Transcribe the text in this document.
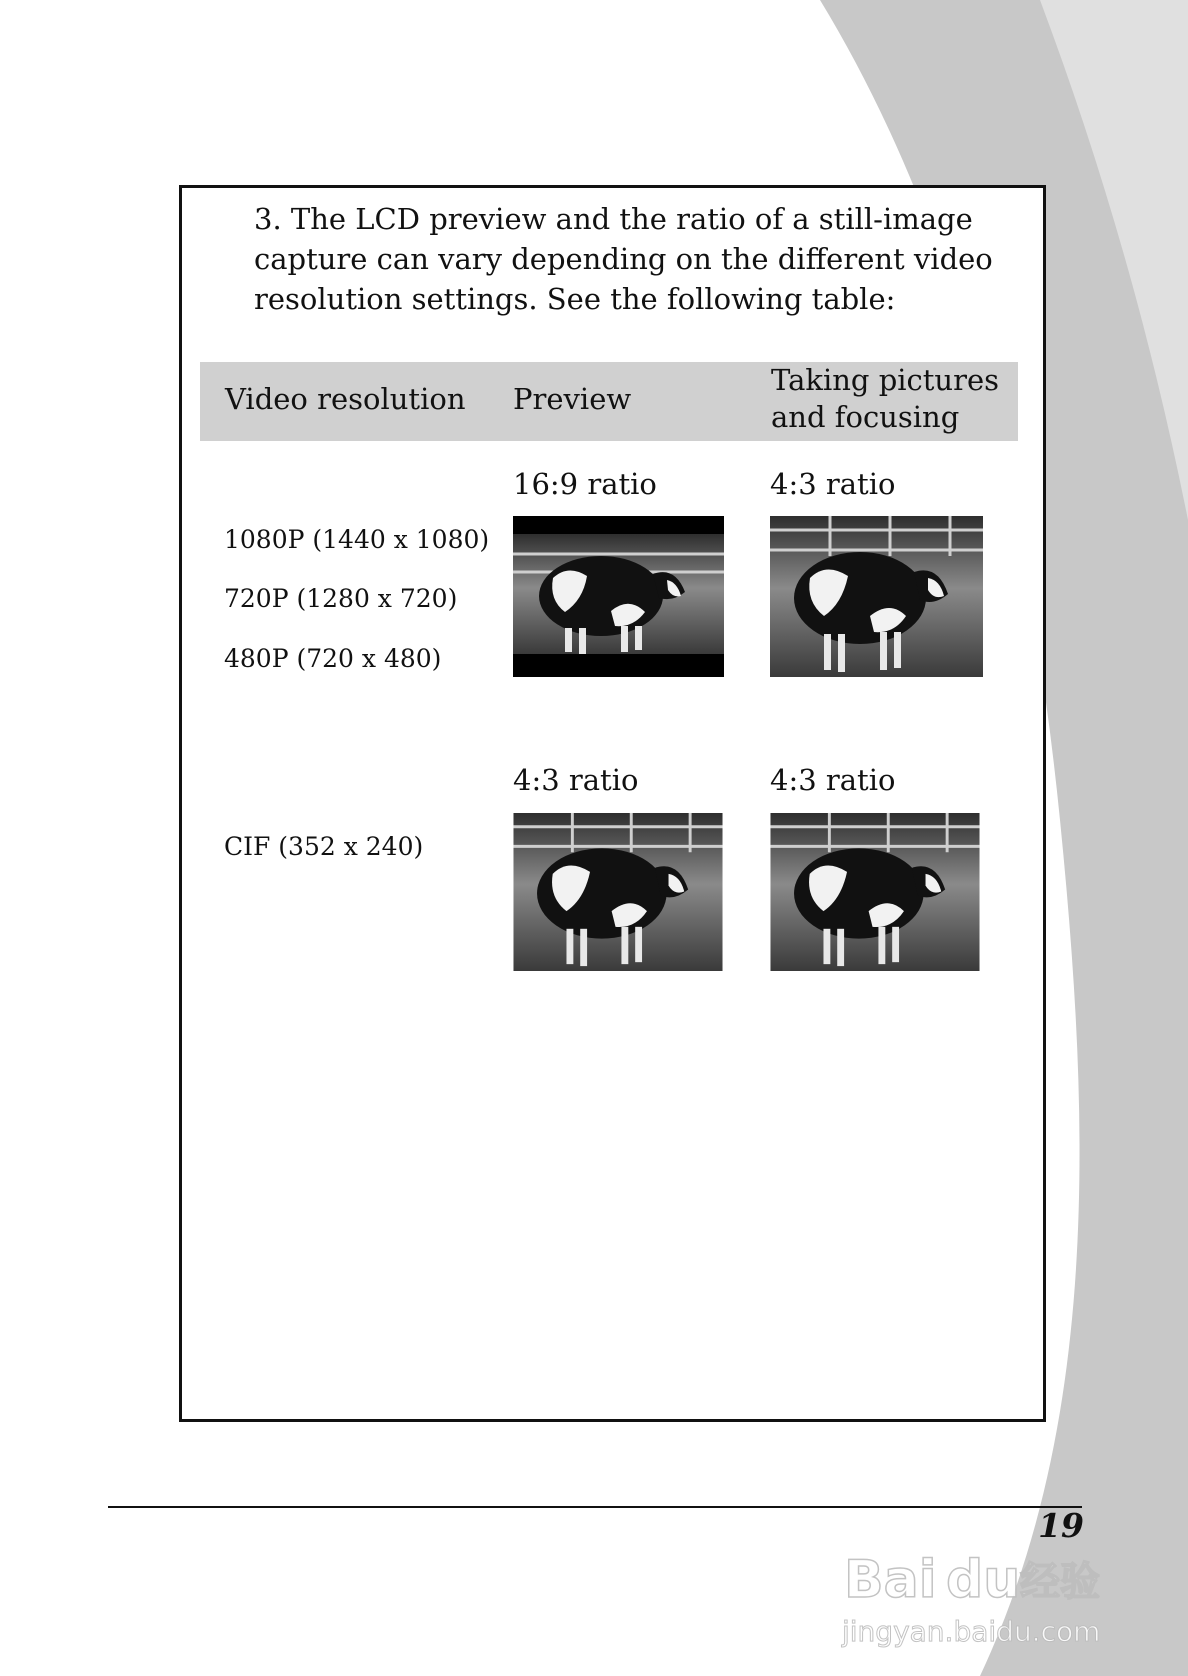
3. The LCD preview and the ratio of a still-image capture can vary depending on the different video resolution settings. See the following table:

Video resolution Preview
Taking pictures and focusing
1080P (1440 x 1080)
720P (1280 x 720)
480P (720 x 480)
16:9 ratio	4:3 ratio
CIF (352 x 240)
4:3 ratio	4:3 ratio
19
Bai du 经验
jingyan.baidu.com
